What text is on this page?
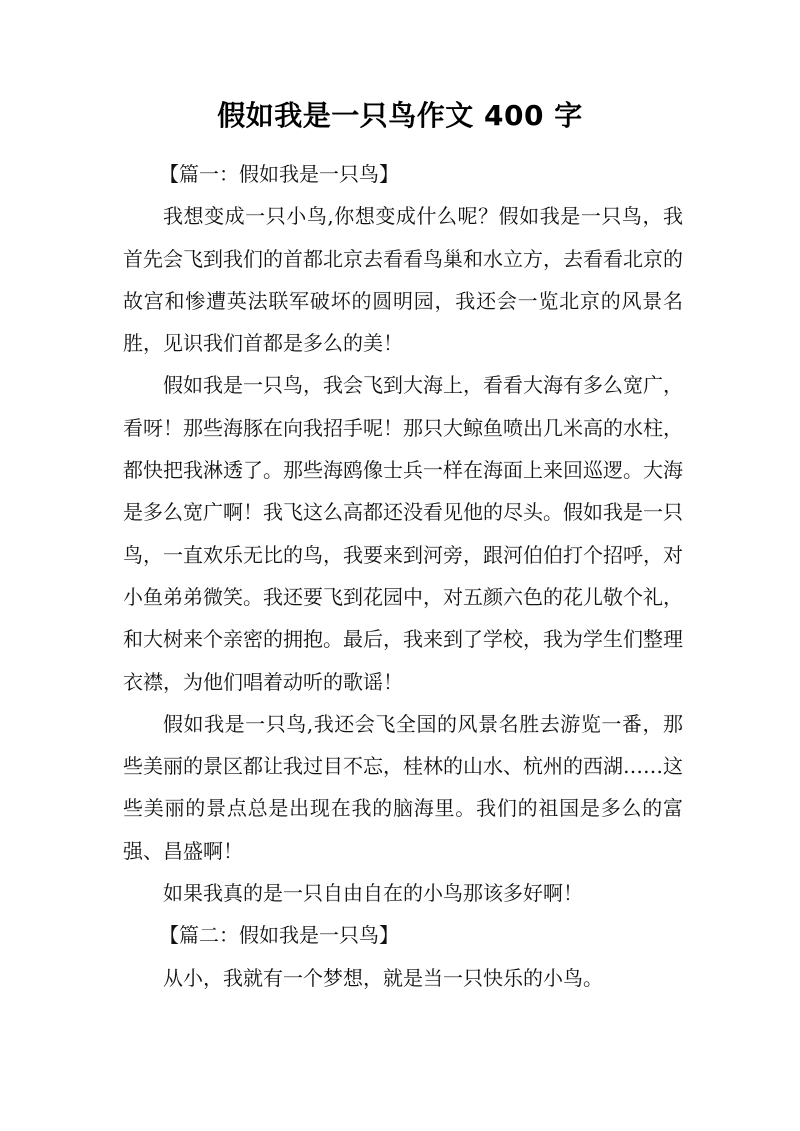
假如我是一只鸟作文 400 字

【篇一：假如我是一只鸟】

我想变成一只小鸟,你想变成什么呢？假如我是一只鸟，我首先会飞到我们的首都北京去看看鸟巢和水立方，去看看北京的故宫和惨遭英法联军破坏的圆明园，我还会一览北京的风景名胜，见识我们首都是多么的美！

假如我是一只鸟，我会飞到大海上，看看大海有多么宽广，看呀！那些海豚在向我招手呢！那只大鲸鱼喷出几米高的水柱，都快把我淋透了。那些海鸥像士兵一样在海面上来回巡逻。大海是多么宽广啊！我飞这么高都还没看见他的尽头。假如我是一只鸟，一直欢乐无比的鸟，我要来到河旁，跟河伯伯打个招呼，对小鱼弟弟微笑。我还要飞到花园中，对五颜六色的花儿敬个礼，和大树来个亲密的拥抱。最后，我来到了学校，我为学生们整理衣襟，为他们唱着动听的歌谣！

假如我是一只鸟,我还会飞全国的风景名胜去游览一番，那些美丽的景区都让我过目不忘，桂林的山水、杭州的西湖……这些美丽的景点总是出现在我的脑海里。我们的祖国是多么的富强、昌盛啊！

如果我真的是一只自由自在的小鸟那该多好啊！

【篇二：假如我是一只鸟】

从小，我就有一个梦想，就是当一只快乐的小鸟。
